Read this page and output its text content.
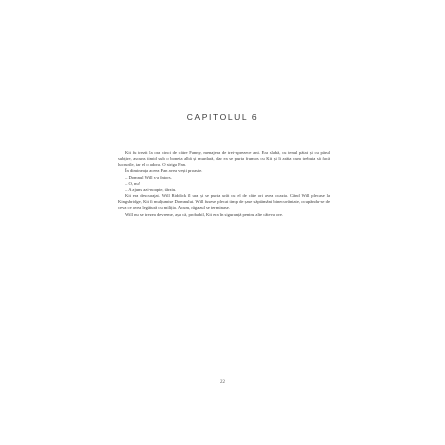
CAPITOLUL 6

Kit fu trezit la ora cinci de către Fanny, menajera de trei-sprezece ani. Era slabă, cu tenul pătat și cu părul subțire, ascuns timid sub o boneta albă și murdară, dar ea se purta frumos cu Kit și îi arăta cum trebuia să facă lucrurile, iar el o adora. O striga Fan.

În dimineața aceea Fan avea vești proaste.

– Domnul Will s-a întors.

– O, nu!

– A ajuns azi-noapte, târziu.

Kit era descurajat. Will Riddick îl ura și se purta urât cu el de câte ori avea ocazia. Când Will plecase la Kingsbridge, Kit îi mulțumise Domnului. Will fusese plecat timp de șase săptămâni binecuvântate, ocupându-se de ceva ce avea legătură cu miliția. Acum, răgazul se terminase.

Will nu se trezea devreme, așa că, probabil, Kit era în siguranță pentru alte câteva ore.

22
